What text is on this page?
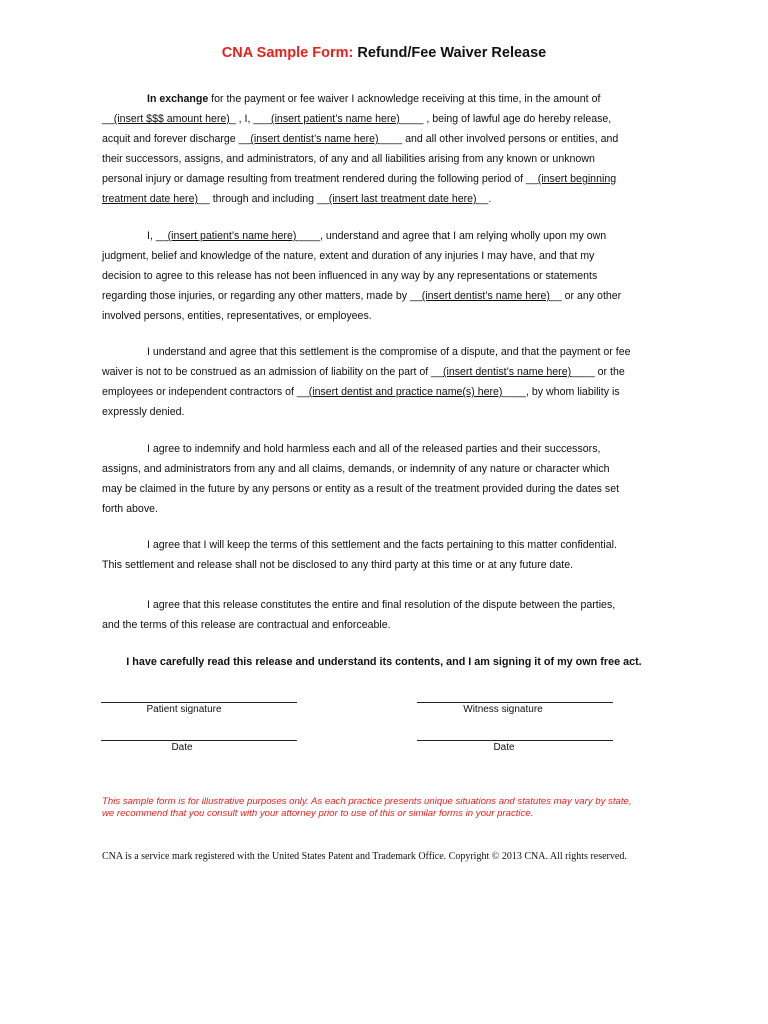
CNA Sample Form: Refund/Fee Waiver Release
In exchange for the payment or fee waiver I acknowledge receiving at this time, in the amount of
__(insert $$$ amount here)_ , I, ___(insert patient’s name here)____ , being of lawful age do hereby release,
acquit and forever discharge __(insert dentist’s name here)____ and all other involved persons or entities, and
their successors, assigns, and administrators, of any and all liabilities arising from any known or unknown
personal injury or damage resulting from treatment rendered during the following period of __(insert beginning
treatment date here)__ through and including __(insert last treatment date here)__.
I, __(insert patient’s name here)____, understand and agree that I am relying wholly upon my own
judgment, belief and knowledge of the nature, extent and duration of any injuries I may have, and that my
decision to agree to this release has not been influenced in any way by any representations or statements
regarding those injuries, or regarding any other matters, made by __(insert dentist’s name here)__ or any other
involved persons, entities, representatives, or employees.
I understand and agree that this settlement is the compromise of a dispute, and that the payment or fee
waiver is not to be construed as an admission of liability on the part of __(insert dentist’s name here)____ or the
employees or independent contractors of __(insert dentist and practice name(s) here)____, by whom liability is
expressly denied.
I agree to indemnify and hold harmless each and all of the released parties and their successors,
assigns, and administrators from any and all claims, demands, or indemnity of any nature or character which
may be claimed in the future by any persons or entity as a result of the treatment provided during the dates set
forth above.
I agree that I will keep the terms of this settlement and the facts pertaining to this matter confidential.
This settlement and release shall not be disclosed to any third party at this time or at any future date.
I agree that this release constitutes the entire and final resolution of the dispute between the parties,
and the terms of this release are contractual and enforceable.
I have carefully read this release and understand its contents, and I am signing it of my own free act.
Patient signature	Witness signature
Date	Date
This sample form is for illustrative purposes only. As each practice presents unique situations and statutes may vary by state,
we recommend that you consult with your attorney prior to use of this or similar forms in your practice.
CNA is a service mark registered with the United States Patent and Trademark Office. Copyright © 2013 CNA. All rights reserved.
